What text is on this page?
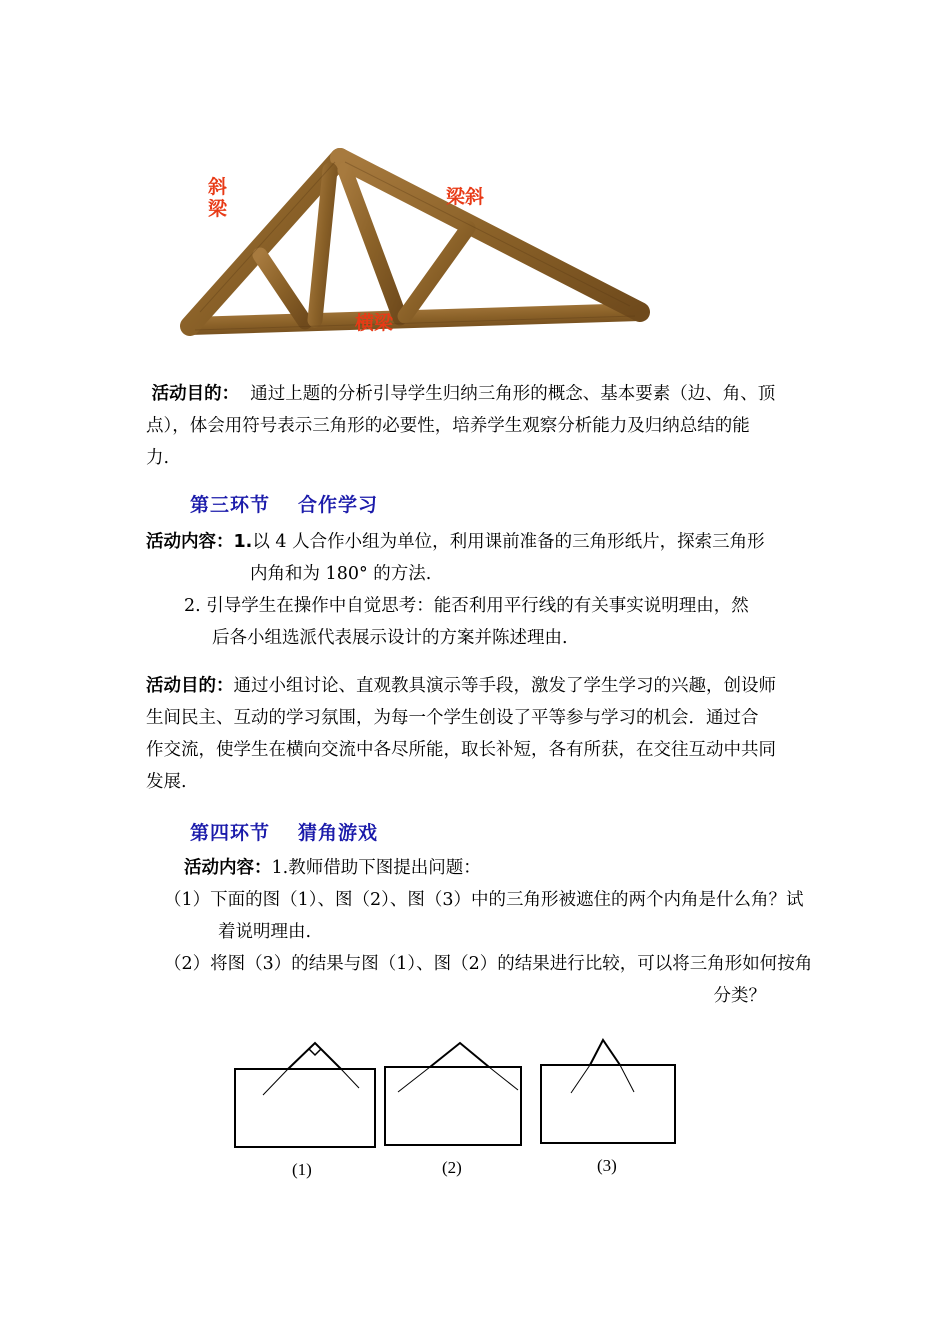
斜
梁
梁斜
横梁
活动目的： 通过上题的分析引导学生归纳三角形的概念、基本要素（边、角、顶
点），体会用符号表示三角形的必要性，培养学生观察分析能力及归纳总结的能
力.
第三环节 合作学习
活动内容：1.以 4 人合作小组为单位，利用课前准备的三角形纸片，探索三角形
内角和为 180° 的方法.
2. 引导学生在操作中自觉思考：能否利用平行线的有关事实说明理由，然
后各小组选派代表展示设计的方案并陈述理由.
活动目的：通过小组讨论、直观教具演示等手段，激发了学生学习的兴趣，创设师
生间民主、互动的学习氛围，为每一个学生创设了平等参与学习的机会．通过合
作交流，使学生在横向交流中各尽所能，取长补短，各有所获，在交往互动中共同
发展.
第四环节 猜角游戏
活动内容：1.教师借助下图提出问题：
（1）下面的图（1）、图（2）、图（3）中的三角形被遮住的两个内角是什么角？试
着说明理由.
（2）将图（3）的结果与图（1）、图（2）的结果进行比较，可以将三角形如何按角
分类？
(1)	(2)	(3)
